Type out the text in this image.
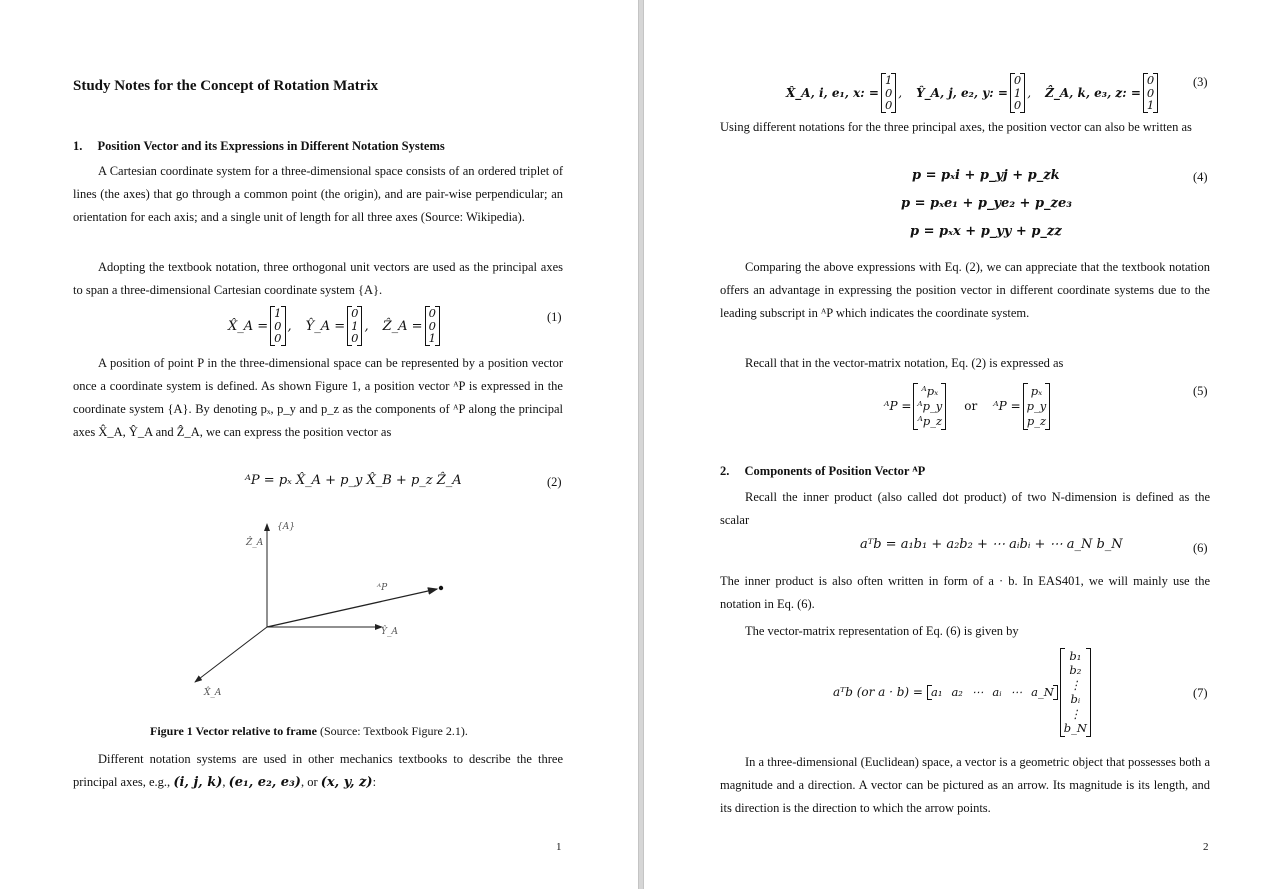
Study Notes for the Concept of Rotation Matrix
1. Position Vector and its Expressions in Different Notation Systems
A Cartesian coordinate system for a three-dimensional space consists of an ordered triplet of lines (the axes) that go through a common point (the origin), and are pair-wise perpendicular; an orientation for each axis; and a single unit of length for all three axes (Source: Wikipedia).
Adopting the textbook notation, three orthogonal unit vectors are used as the principal axes to span a three-dimensional Cartesian coordinate system {A}.
X̂_A =
1
0
0
, Ŷ_A =
0
1
0
, Ẑ_A =
0
0
1
(1)
A position of point P in the three-dimensional space can be represented by a position vector once a coordinate system is defined. As shown Figure 1, a position vector ᴬP is expressed in the coordinate system {A}. By denoting pₓ, p_y and p_z as the components of ᴬP along the principal axes X̂_A, Ŷ_A and Ẑ_A, we can express the position vector as
ᴬP = pₓ X̂_A + p_y X̂_B + p_z Ẑ_A	(2)
{A}
Ẑ_A
ᴬP
Ŷ_A
X̂_A
Figure 1 Vector relative to frame (Source: Textbook Figure 2.1).
Different notation systems are used in other mechanics textbooks to describe the three principal axes, e.g., (i, j, k), (e₁, e₂, e₃), or (x, y, z):
1
X̂_A, i, e₁, x: =
1
0
0
, Ŷ_A, j, e₂, y: =
0
1
0
, Ẑ_A, k, e₃, z: =
0
0
1
(3)
Using different notations for the three principal axes, the position vector can also be written as
p = pₓi + p_yj + p_zk
p = pₓe₁ + p_ye₂ + p_ze₃
p = pₓx + p_yy + p_zz
(4)
Comparing the above expressions with Eq. (2), we can appreciate that the textbook notation offers an advantage in expressing the position vector in different coordinate systems due to the leading subscript in ᴬP which indicates the coordinate system.
Recall that in the vector-matrix notation, Eq. (2) is expressed as
ᴬP =
ᴬpₓ
ᴬp_y
ᴬp_z
or ᴬP =
pₓ
p_y
p_z
(5)
2. Components of Position Vector ᴬP
Recall the inner product (also called dot product) of two N-dimension is defined as the scalar
aᵀb = a₁b₁ + a₂b₂ + ⋯ aᵢbᵢ + ⋯ a_N b_N	(6)
The inner product is also often written in form of a · b. In EAS401, we will mainly use the notation in Eq. (6).
The vector-matrix representation of Eq. (6) is given by
aᵀb (or a · b) = a₁ a₂ ⋯ aᵢ ⋯ a_N
b₁
b₂
⋮
bᵢ
⋮
b_N
(7)
In a three-dimensional (Euclidean) space, a vector is a geometric object that possesses both a magnitude and a direction. A vector can be pictured as an arrow. Its magnitude is its length, and its direction is the direction to which the arrow points.
2
